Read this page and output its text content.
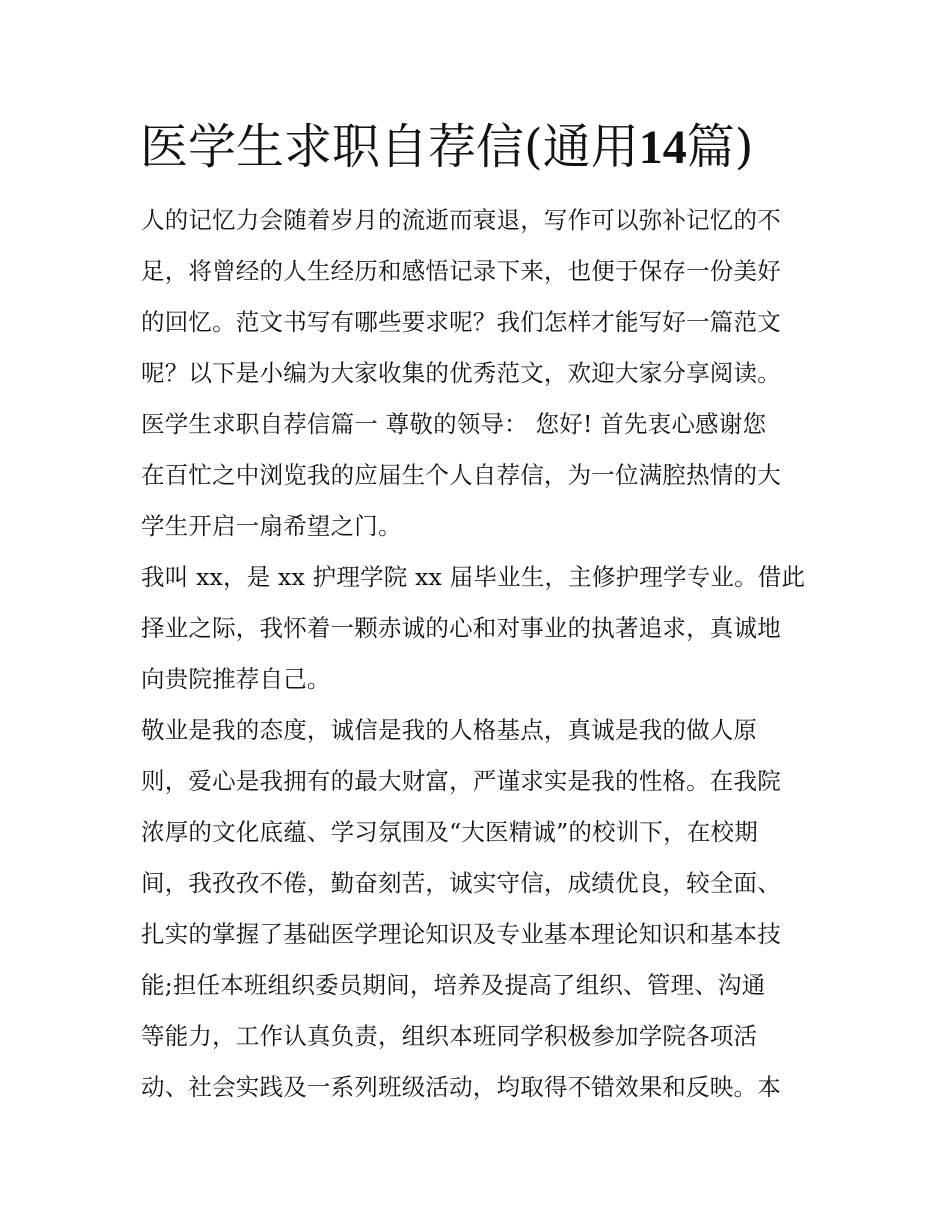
医学生求职自荐信(通用14篇)
人的记忆力会随着岁月的流逝而衰退，写作可以弥补记忆的不
足，将曾经的人生经历和感悟记录下来，也便于保存一份美好
的回忆。范文书写有哪些要求呢？我们怎样才能写好一篇范文
呢？以下是小编为大家收集的优秀范文，欢迎大家分享阅读。
医学生求职自荐信篇一 尊敬的领导： 您好! 首先衷心感谢您
在百忙之中浏览我的应届生个人自荐信，为一位满腔热情的大
学生开启一扇希望之门。
我叫 xx，是 xx 护理学院 xx 届毕业生，主修护理学专业。借此
择业之际，我怀着一颗赤诚的心和对事业的执著追求，真诚地
向贵院推荐自己。
敬业是我的态度，诚信是我的人格基点，真诚是我的做人原
则，爱心是我拥有的最大财富，严谨求实是我的性格。在我院
浓厚的文化底蕴、学习氛围及“大医精诚”的校训下，在校期
间，我孜孜不倦，勤奋刻苦，诚实守信，成绩优良，较全面、
扎实的掌握了基础医学理论知识及专业基本理论知识和基本技
能;担任本班组织委员期间，培养及提高了组织、管理、沟通
等能力，工作认真负责，组织本班同学积极参加学院各项活
动、社会实践及一系列班级活动，均取得不错效果和反映。本
